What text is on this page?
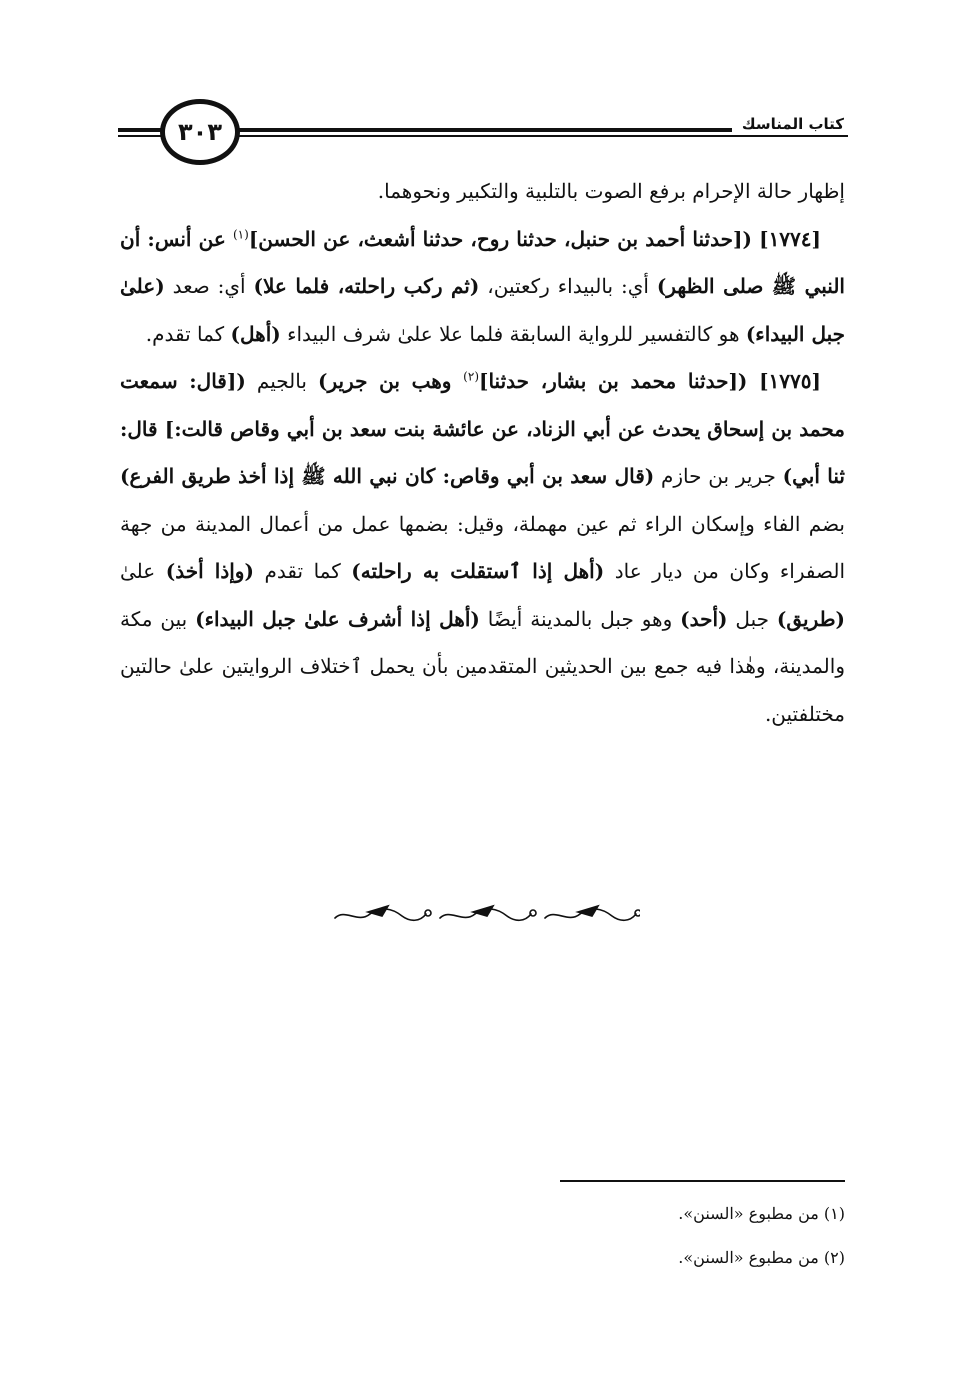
كتاب المناسك
٣٠٣

إظهار حالة الإحرام برفع الصوت بالتلبية والتكبير ونحوهما.

[١٧٧٤] ([حدثنا أحمد بن حنبل، حدثنا روح، حدثنا أشعث، عن الحسن]$^{(١)}$ عن أنس: أن النبي ﷺ صلى الظهر) أي: بالبيداء ركعتين، (ثم ركب راحلته، فلما علا) أي: صعد (علىٰ جبل البيداء) هو كالتفسير للرواية السابقة فلما علا علىٰ شرف البيداء (أهل) كما تقدم.

[١٧٧٥] ([حدثنا محمد بن بشار، حدثنا]$^{(٢)}$ وهب بن جرير) بالجيم ([قال: سمعت محمد بن إسحاق يحدث عن أبي الزناد، عن عائشة بنت سعد بن أبي وقاص قالت:] قال: ثنا أبي) جرير بن حازم (قال سعد بن أبي وقاص: كان نبي الله ﷺ إذا أخذ طريق الفرع) بضم الفاء وإسكان الراء ثم عين مهملة، وقيل: بضمها عمل من أعمال المدينة من جهة الصفراء وكان من ديار عاد (أهل إذا ٱستقلت به راحلته) كما تقدم (وإذا أخذ) علىٰ (طريق) جبل (أحد) وهو جبل بالمدينة أيضًا (أهل إذا أشرف علىٰ جبل البيداء) بين مكة والمدينة، وهٰذا فيه جمع بين الحديثين المتقدمين بأن يحمل ٱختلاف الروايتين علىٰ حالتين مختلفتين.

(١) من مطبوع «السنن».

(٢) من مطبوع «السنن».
